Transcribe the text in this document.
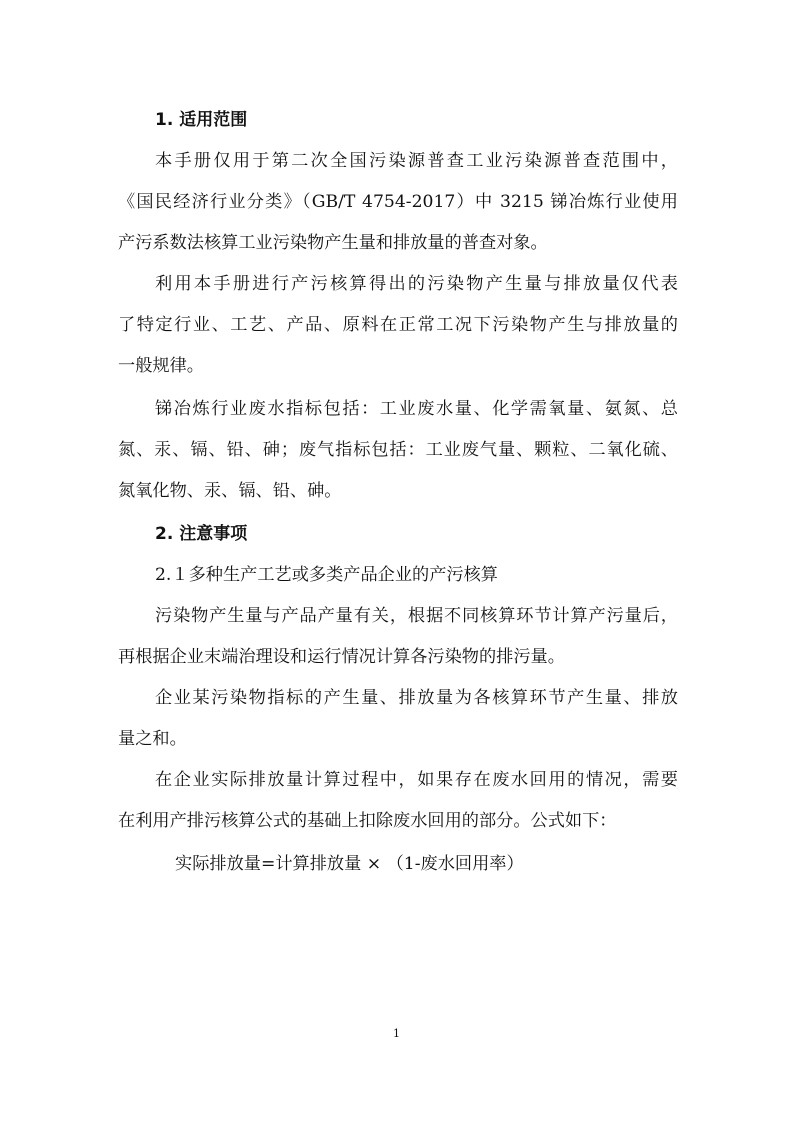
1. 适用范围
本手册仅用于第二次全国污染源普查工业污染源普查范围中，
《国民经济行业分类》（GB/T 4754-2017）中 3215 锑冶炼行业使用
产污系数法核算工业污染物产生量和排放量的普查对象。
利用本手册进行产污核算得出的污染物产生量与排放量仅代表
了特定行业、工艺、产品、原料在正常工况下污染物产生与排放量的
一般规律。
锑冶炼行业废水指标包括：工业废水量、化学需氧量、氨氮、总
氮、汞、镉、铅、砷；废气指标包括：工业废气量、颗粒、二氧化硫、
氮氧化物、汞、镉、铅、砷。
2. 注意事项
2.１多种生产工艺或多类产品企业的产污核算
污染物产生量与产品产量有关，根据不同核算环节计算产污量后，
再根据企业末端治理设和运行情况计算各污染物的排污量。
企业某污染物指标的产生量、排放量为各核算环节产生量、排放
量之和。
在企业实际排放量计算过程中，如果存在废水回用的情况，需要
在利用产排污核算公式的基础上扣除废水回用的部分。公式如下：
实际排放量=计算排放量 × （1-废水回用率）
1
